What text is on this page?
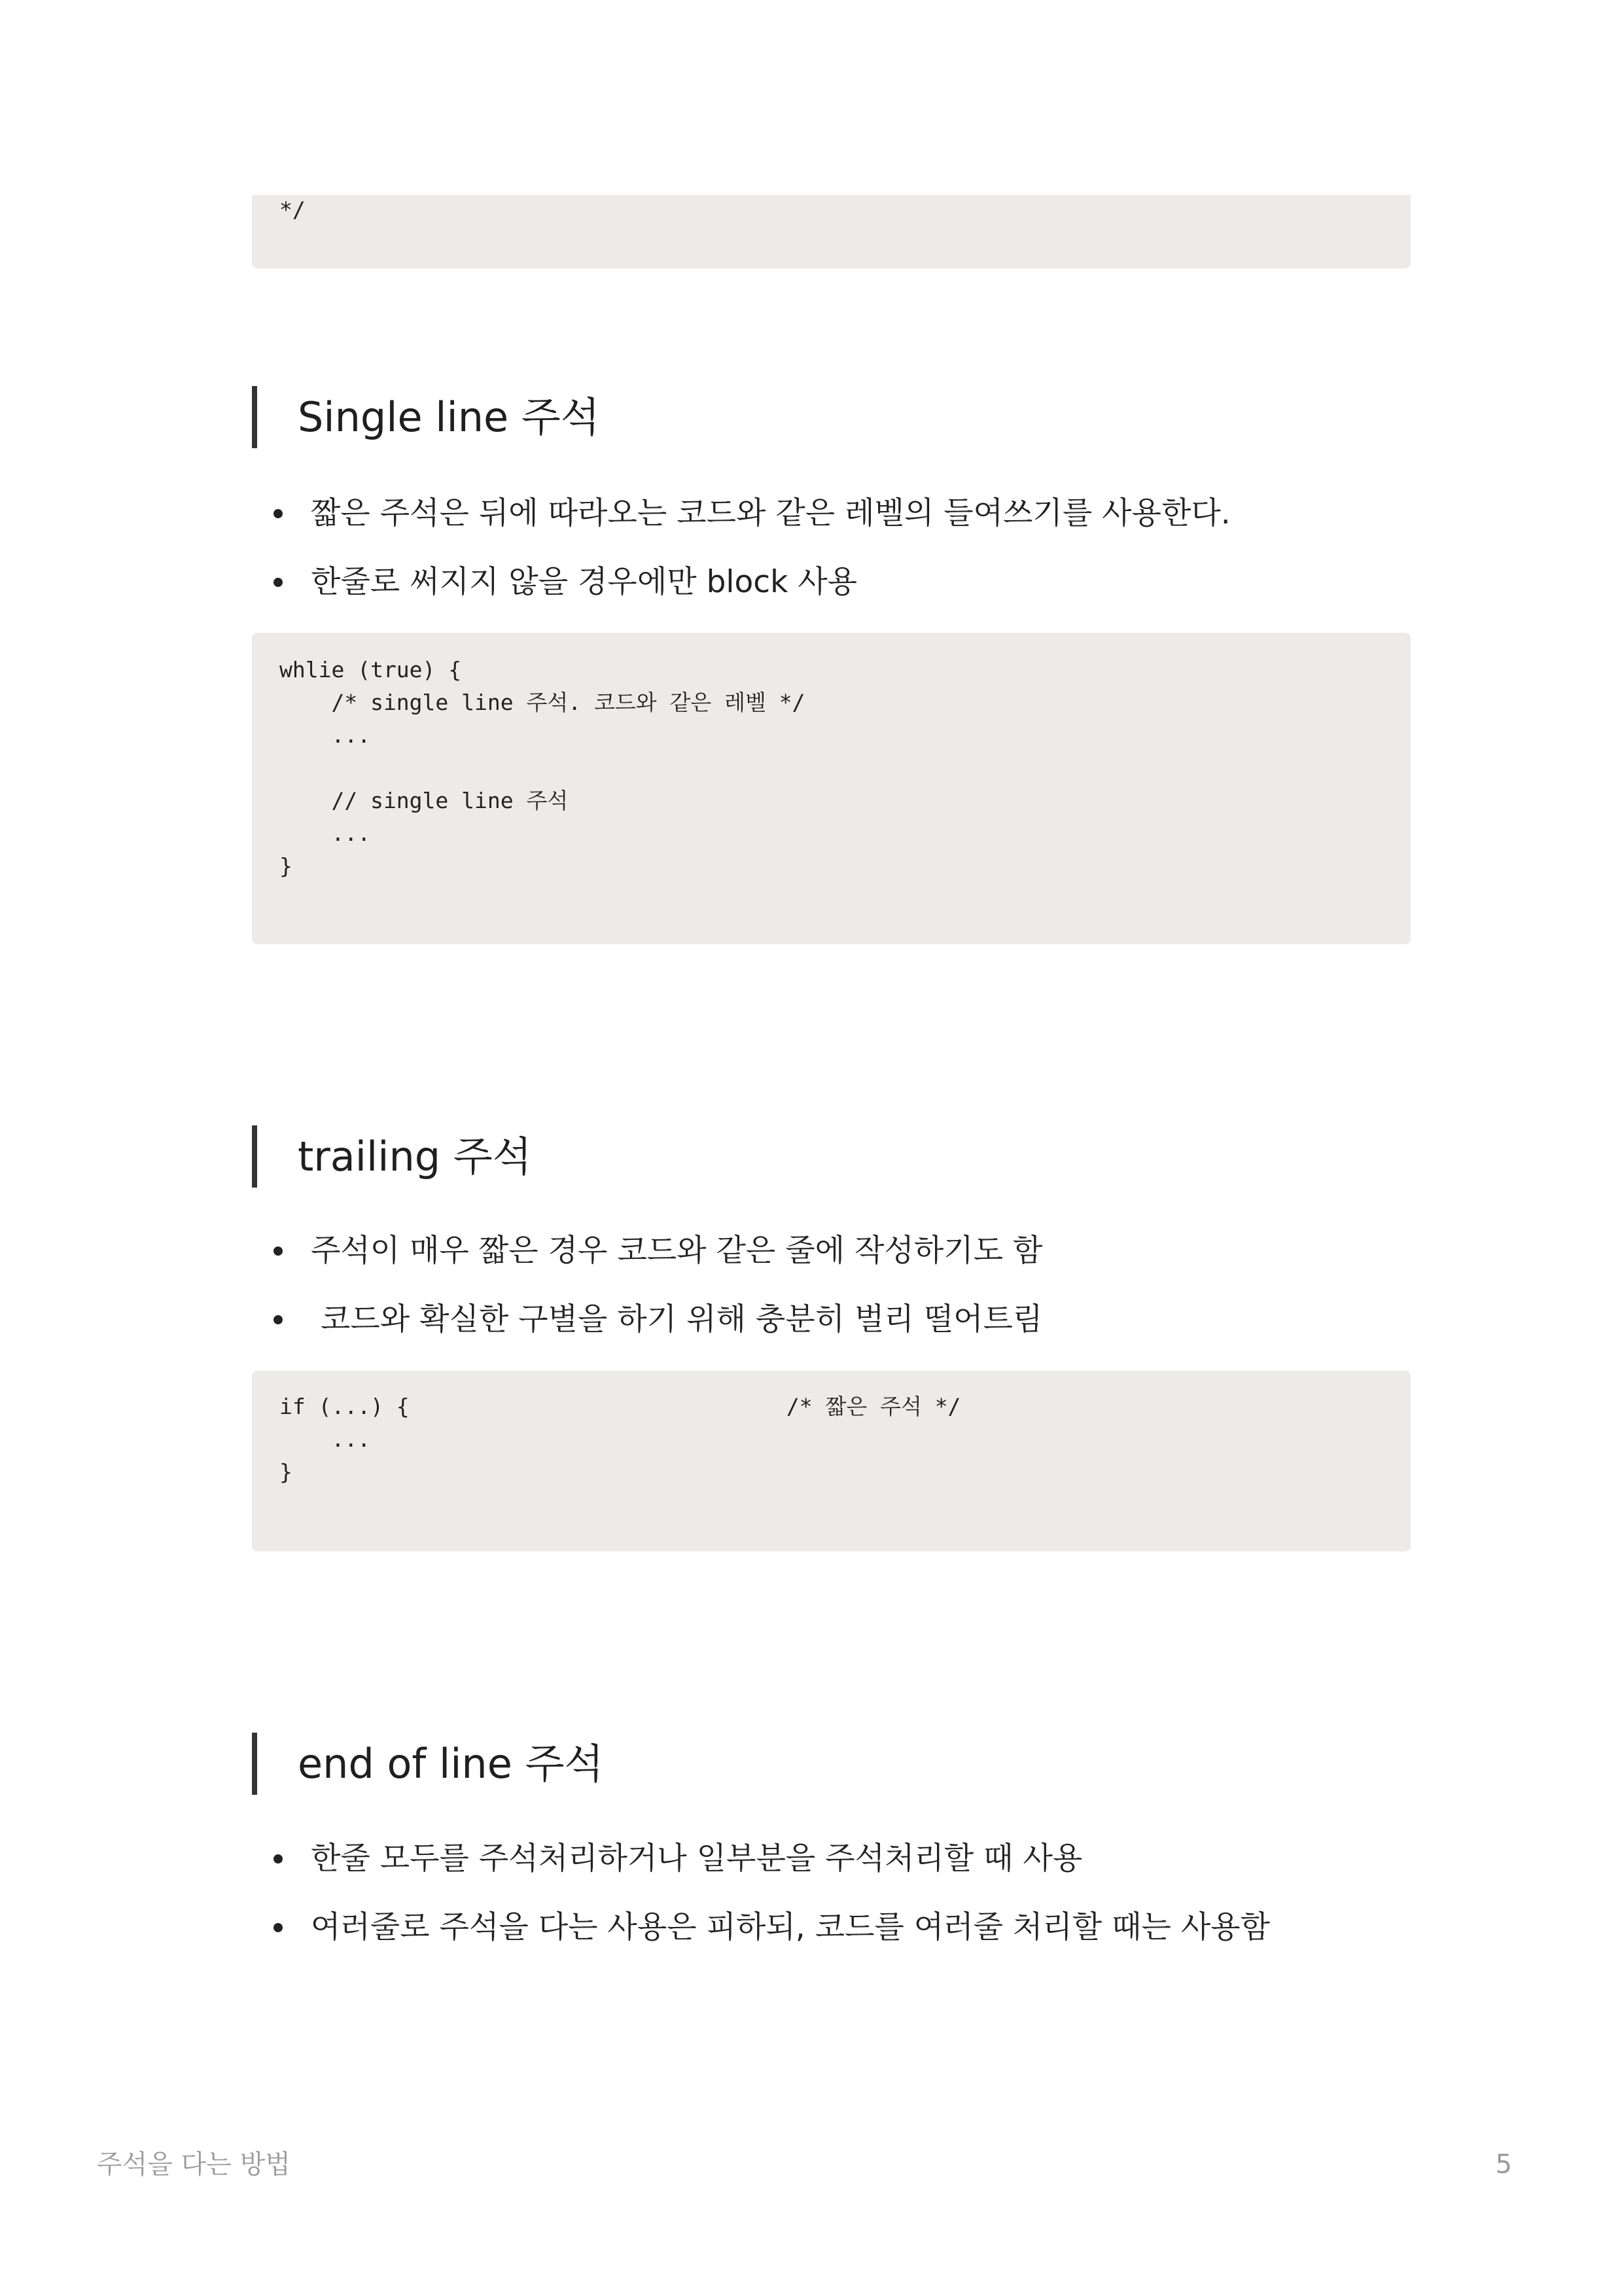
*/
Single line 주석
짧은 주석은 뒤에 따라오는 코드와 같은 레벨의 들여쓰기를 사용한다.
한줄로 써지지 않을 경우에만 block 사용
whlie (true) {
/* single line 주석. 코드와 같은 레벨 */
...
// single line 주석
...
}
trailing 주석
주석이 매우 짧은 경우 코드와 같은 줄에 작성하기도 함
코드와 확실한 구별을 하기 위해 충분히 벌리 떨어트림
if (...) {                             /* 짧은 주석 */
...
}
end of line 주석
한줄 모두를 주석처리하거나 일부분을 주석처리할 때 사용
여러줄로 주석을 다는 사용은 피하되, 코드를 여러줄 처리할 때는 사용함
주석을 다는 방법	5
